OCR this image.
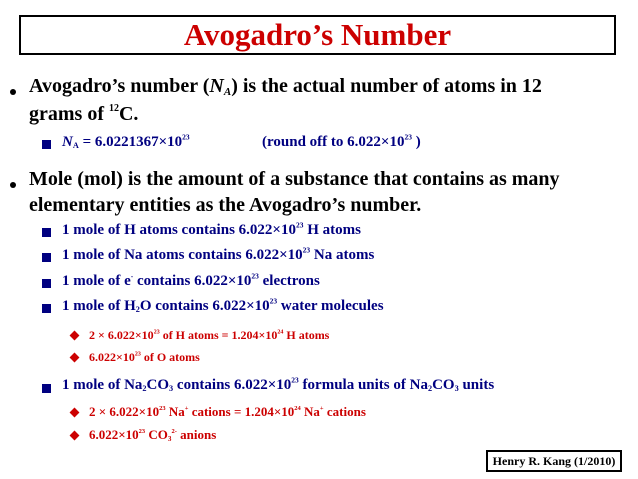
Avogadro’s Number
Avogadro’s number $(N_A)$ is the actual number of atoms in 12
grams of $^{12}$C.
$N_A = 6.0221367\times 10^{23}$	(round off to $6.022\times 10^{23}$ )
Mole (mol) is the amount of a substance that contains as many
elementary entities as the Avogadro’s number.
1 mole of H atoms contains $6.022\times 10^{23}$ H atoms
1 mole of Na atoms contains $6.022\times 10^{23}$ Na atoms
1 mole of e- contains $6.022\times 10^{23}$ electrons
1 mole of $H_2O$ contains $6.022\times 10^{23}$ water molecules
$2 \times 6.022\times 10^{23}$ of H atoms = $1.204\times 10^{24}$ H atoms
$6.022\times 10^{23}$ of O atoms
1 mole of $Na_2CO_3$ contains $6.022\times 10^{23}$ formula units of $Na_2CO_3$ units
$2 \times 6.022\times 10^{23}$ Na+ cations = $1.204\times 10^{24}$ Na+ cations
$6.022\times 10^{23}$ $CO_3^{2-}$ anions
Henry R. Kang (1/2010)
